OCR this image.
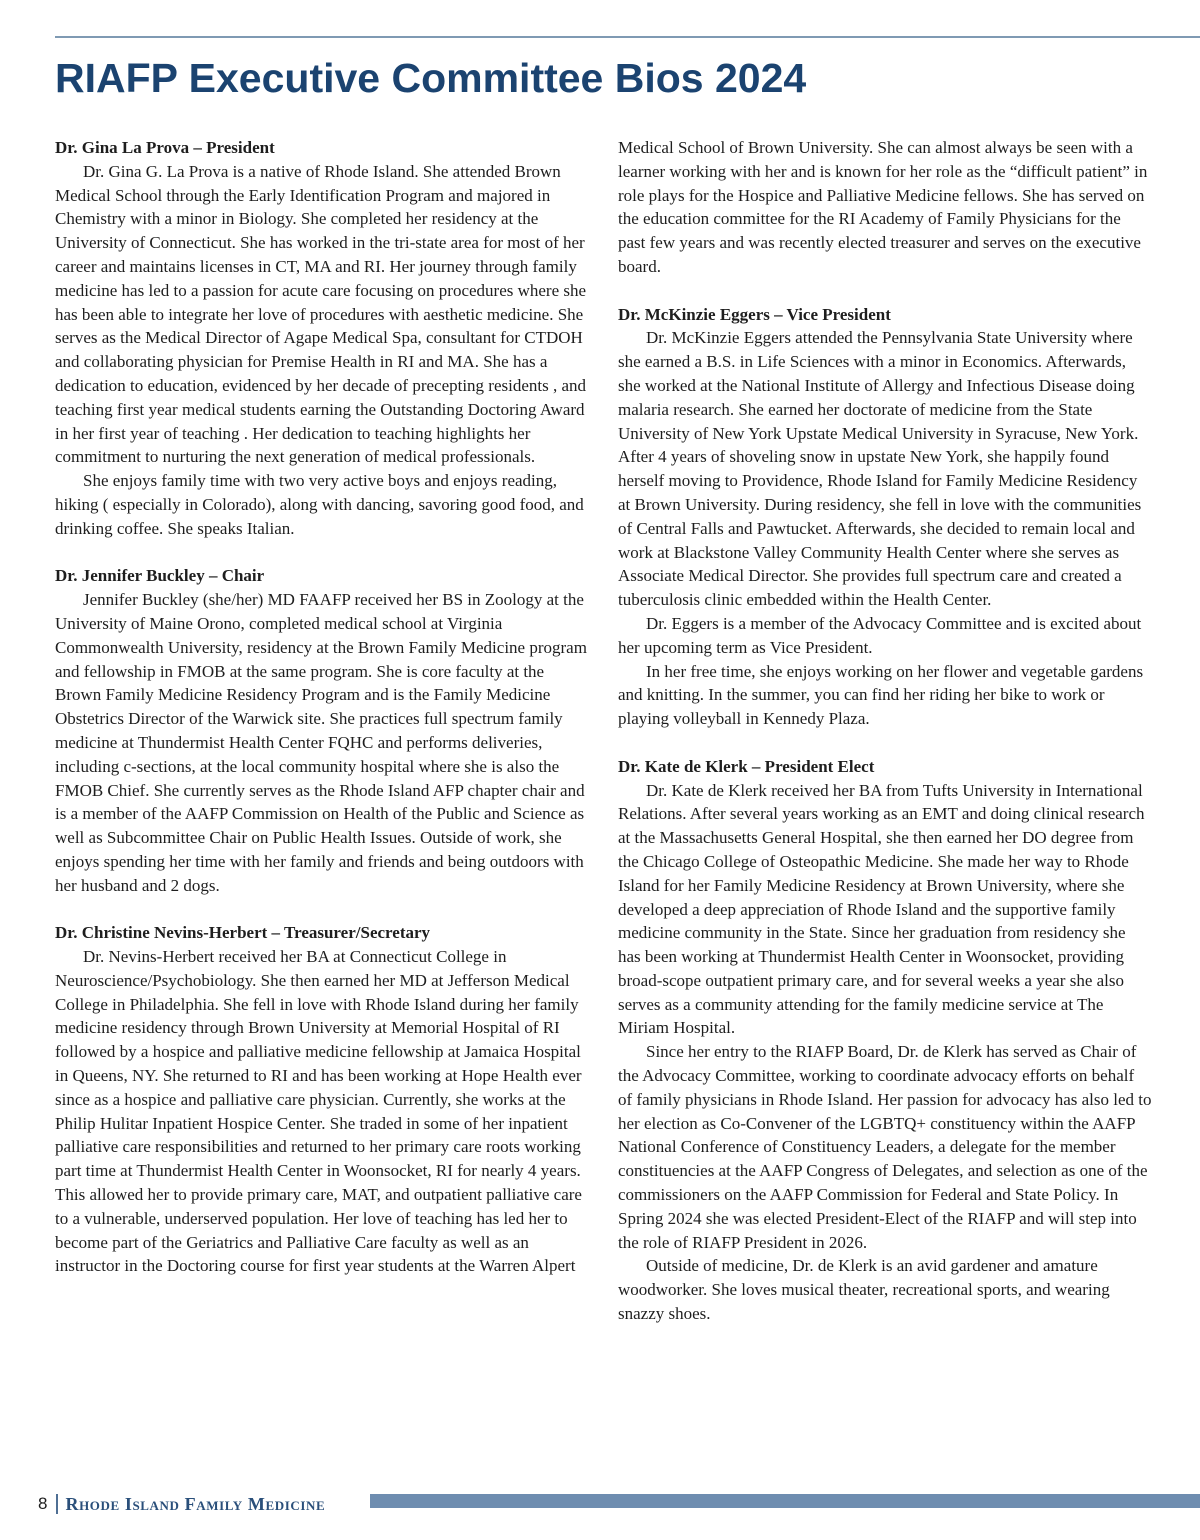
RIAFP Executive Committee Bios 2024

Dr. Gina La Prova – President

Dr. Gina G. La Prova is a native of Rhode Island. She attended Brown Medical School through the Early Identification Program and majored in Chemistry with a minor in Biology. She completed her residency at the University of Connecticut. She has worked in the tri-state area for most of her career and maintains licenses in CT, MA and RI. Her journey through family medicine has led to a passion for acute care focusing on procedures where she has been able to integrate her love of procedures with aesthetic medicine. She serves as the Medical Director of Agape Medical Spa, consultant for CTDOH and collaborating physician for Premise Health in RI and MA. She has a dedication to education, evidenced by her decade of precepting residents , and teaching first year medical students earning the Outstanding Doctoring Award in her first year of teaching . Her dedication to teaching highlights her commitment to nurturing the next generation of medical professionals.

She enjoys family time with two very active boys and enjoys reading, hiking ( especially in Colorado), along with dancing, savoring good food, and drinking coffee. She speaks Italian.

Dr. Jennifer Buckley – Chair

Jennifer Buckley (she/her) MD FAAFP received her BS in Zoology at the University of Maine Orono, completed medical school at Virginia Commonwealth University, residency at the Brown Family Medicine program and fellowship in FMOB at the same program. She is core faculty at the Brown Family Medicine Residency Program and is the Family Medicine Obstetrics Director of the Warwick site. She practices full spectrum family medicine at Thundermist Health Center FQHC and performs deliveries, including c-sections, at the local community hospital where she is also the FMOB Chief. She currently serves as the Rhode Island AFP chapter chair and is a member of the AAFP Commission on Health of the Public and Science as well as Subcommittee Chair on Public Health Issues. Outside of work, she enjoys spending her time with her family and friends and being outdoors with her husband and 2 dogs.

Dr. Christine Nevins-Herbert – Treasurer/Secretary

Dr. Nevins-Herbert received her BA at Connecticut College in Neuroscience/Psychobiology. She then earned her MD at Jefferson Medical College in Philadelphia. She fell in love with Rhode Island during her family medicine residency through Brown University at Memorial Hospital of RI followed by a hospice and palliative medicine fellowship at Jamaica Hospital in Queens, NY. She returned to RI and has been working at Hope Health ever since as a hospice and palliative care physician. Currently, she works at the Philip Hulitar Inpatient Hospice Center. She traded in some of her inpatient palliative care responsibilities and returned to her primary care roots working part time at Thundermist Health Center in Woonsocket, RI for nearly 4 years. This allowed her to provide primary care, MAT, and outpatient palliative care to a vulnerable, underserved population. Her love of teaching has led her to become part of the Geriatrics and Palliative Care faculty as well as an instructor in the Doctoring course for first year students at the Warren Alpert

Medical School of Brown University. She can almost always be seen with a learner working with her and is known for her role as the “difficult patient” in role plays for the Hospice and Palliative Medicine fellows. She has served on the education committee for the RI Academy of Family Physicians for the past few years and was recently elected treasurer and serves on the executive board.

Dr. McKinzie Eggers – Vice President

Dr. McKinzie Eggers attended the Pennsylvania State University where she earned a B.S. in Life Sciences with a minor in Economics. Afterwards, she worked at the National Institute of Allergy and Infectious Disease doing malaria research. She earned her doctorate of medicine from the State University of New York Upstate Medical University in Syracuse, New York. After 4 years of shoveling snow in upstate New York, she happily found herself moving to Providence, Rhode Island for Family Medicine Residency at Brown University. During residency, she fell in love with the communities of Central Falls and Pawtucket. Afterwards, she decided to remain local and work at Blackstone Valley Community Health Center where she serves as Associate Medical Director. She provides full spectrum care and created a tuberculosis clinic embedded within the Health Center.

Dr. Eggers is a member of the Advocacy Committee and is excited about her upcoming term as Vice President.

In her free time, she enjoys working on her flower and vegetable gardens and knitting. In the summer, you can find her riding her bike to work or playing volleyball in Kennedy Plaza.

Dr. Kate de Klerk – President Elect

Dr. Kate de Klerk received her BA from Tufts University in International Relations. After several years working as an EMT and doing clinical research at the Massachusetts General Hospital, she then earned her DO degree from the Chicago College of Osteopathic Medicine. She made her way to Rhode Island for her Family Medicine Residency at Brown University, where she developed a deep appreciation of Rhode Island and the supportive family medicine community in the State. Since her graduation from residency she has been working at Thundermist Health Center in Woonsocket, providing broad-scope outpatient primary care, and for several weeks a year she also serves as a community attending for the family medicine service at The Miriam Hospital.

Since her entry to the RIAFP Board, Dr. de Klerk has served as Chair of the Advocacy Committee, working to coordinate advocacy efforts on behalf of family physicians in Rhode Island. Her passion for advocacy has also led to her election as Co-Convener of the LGBTQ+ constituency within the AAFP National Conference of Constituency Leaders, a delegate for the member constituencies at the AAFP Congress of Delegates, and selection as one of the commissioners on the AAFP Commission for Federal and State Policy. In Spring 2024 she was elected President-Elect of the RIAFP and will step into the role of RIAFP President in 2026.

Outside of medicine, Dr. de Klerk is an avid gardener and amature woodworker. She loves musical theater, recreational sports, and wearing snazzy shoes.

8 Rhode Island Family Medicine
